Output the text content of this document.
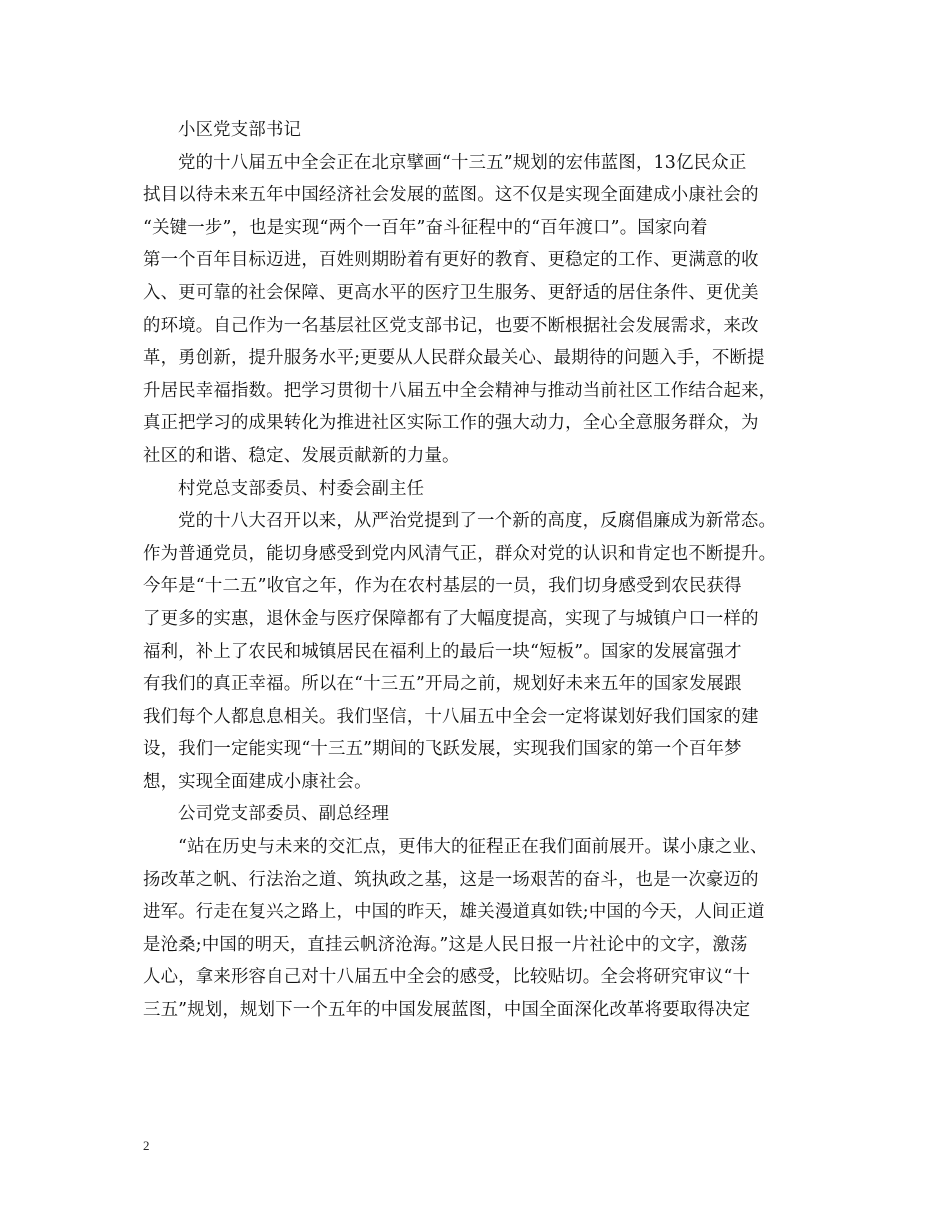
小区党支部书记
党的十八届五中全会正在北京擘画“十三五”规划的宏伟蓝图，13亿民众正
拭目以待未来五年中国经济社会发展的蓝图。这不仅是实现全面建成小康社会的
“关键一步”，也是实现“两个一百年”奋斗征程中的“百年渡口”。国家向着
第一个百年目标迈进，百姓则期盼着有更好的教育、更稳定的工作、更满意的收
入、更可靠的社会保障、更高水平的医疗卫生服务、更舒适的居住条件、更优美
的环境。自己作为一名基层社区党支部书记，也要不断根据社会发展需求，来改
革，勇创新，提升服务水平;更要从人民群众最关心、最期待的问题入手，不断提
升居民幸福指数。把学习贯彻十八届五中全会精神与推动当前社区工作结合起来，
真正把学习的成果转化为推进社区实际工作的强大动力，全心全意服务群众，为
社区的和谐、稳定、发展贡献新的力量。
村党总支部委员、村委会副主任
党的十八大召开以来，从严治党提到了一个新的高度，反腐倡廉成为新常态。
作为普通党员，能切身感受到党内风清气正，群众对党的认识和肯定也不断提升。
今年是“十二五”收官之年，作为在农村基层的一员，我们切身感受到农民获得
了更多的实惠，退休金与医疗保障都有了大幅度提高，实现了与城镇户口一样的
福利，补上了农民和城镇居民在福利上的最后一块“短板”。国家的发展富强才
有我们的真正幸福。所以在“十三五”开局之前，规划好未来五年的国家发展跟
我们每个人都息息相关。我们坚信，十八届五中全会一定将谋划好我们国家的建
设，我们一定能实现“十三五”期间的飞跃发展，实现我们国家的第一个百年梦
想，实现全面建成小康社会。
公司党支部委员、副总经理
“站在历史与未来的交汇点，更伟大的征程正在我们面前展开。谋小康之业、
扬改革之帆、行法治之道、筑执政之基，这是一场艰苦的奋斗，也是一次豪迈的
进军。行走在复兴之路上，中国的昨天，雄关漫道真如铁;中国的今天，人间正道
是沧桑;中国的明天，直挂云帆济沧海。”这是人民日报一片社论中的文字，激荡
人心，拿来形容自己对十八届五中全会的感受，比较贴切。全会将研究审议“十
三五”规划，规划下一个五年的中国发展蓝图，中国全面深化改革将要取得决定
2
